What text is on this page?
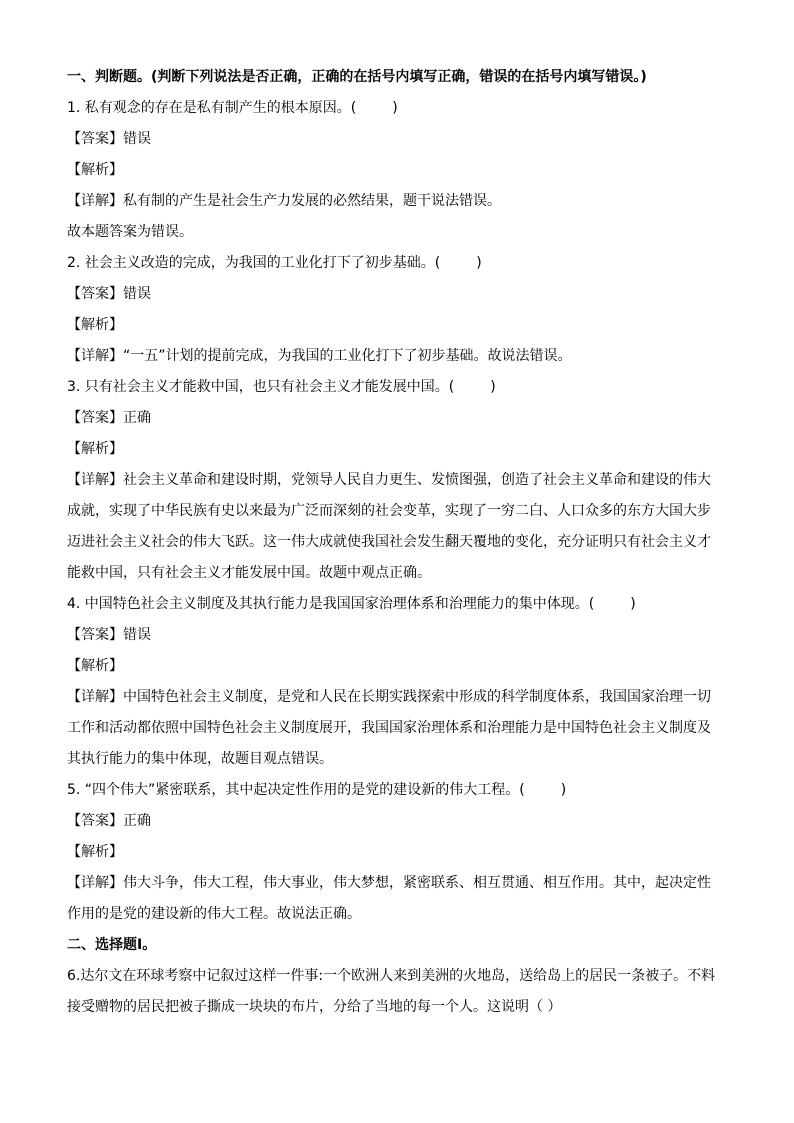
一、判断题。(判断下列说法是否正确，正确的在括号内填写正确，错误的在括号内填写错误。)
1. 私有观念的存在是私有制产生的根本原因。(	)
【答案】错误
【解析】
【详解】私有制的产生是社会生产力发展的必然结果，题干说法错误。
故本题答案为错误。
2. 社会主义改造的完成，为我国的工业化打下了初步基础。(	)
【答案】错误
【解析】
【详解】“一五”计划的提前完成，为我国的工业化打下了初步基础。故说法错误。
3. 只有社会主义才能救中国，也只有社会主义才能发展中国。(	)
【答案】正确
【解析】
【详解】社会主义革命和建设时期，党领导人民自力更生、发愤图强，创造了社会主义革命和建设的伟大
成就，实现了中华民族有史以来最为广泛而深刻的社会变革，实现了一穷二白、人口众多的东方大国大步
迈进社会主义社会的伟大飞跃。这一伟大成就使我国社会发生翻天覆地的变化，充分证明只有社会主义才
能救中国，只有社会主义才能发展中国。故题中观点正确。
4. 中国特色社会主义制度及其执行能力是我国国家治理体系和治理能力的集中体现。(	)
【答案】错误
【解析】
【详解】中国特色社会主义制度，是党和人民在长期实践探索中形成的科学制度体系，我国国家治理一切
工作和活动都依照中国特色社会主义制度展开，我国国家治理体系和治理能力是中国特色社会主义制度及
其执行能力的集中体现，故题目观点错误。
5. “四个伟大”紧密联系，其中起决定性作用的是党的建设新的伟大工程。(	)
【答案】正确
【解析】
【详解】伟大斗争，伟大工程，伟大事业，伟大梦想，紧密联系、相互贯通、相互作用。其中，起决定性
作用的是党的建设新的伟大工程。故说法正确。
二、选择题Ⅰ。
6.达尔文在环球考察中记叙过这样一件事:一个欧洲人来到美洲的火地岛，送给岛上的居民一条被子。不料
接受赠物的居民把被子撕成一块块的布片，分给了当地的每一个人。这说明（ ）
